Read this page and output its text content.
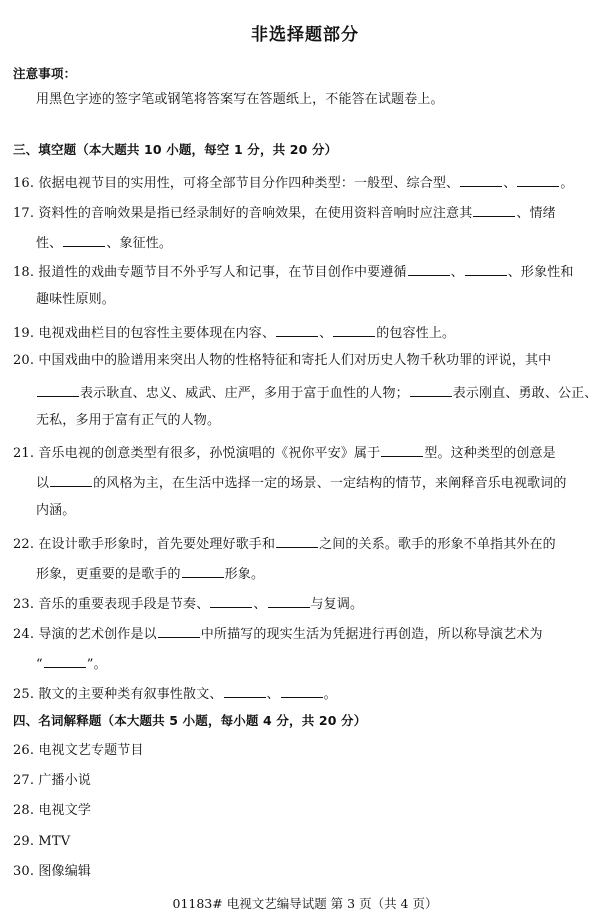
非选择题部分
注意事项：
用黑色字迹的签字笔或钢笔将答案写在答题纸上，不能答在试题卷上。
三、填空题（本大题共 10 小题，每空 1 分，共 20 分）
16. 依据电视节目的实用性，可将全部节目分作四种类型：一般型、综合型、	、	。
17. 资料性的音响效果是指已经录制好的音响效果，在使用资料音响时应注意其	、情绪
性、	、象征性。
18. 报道性的戏曲专题节目不外乎写人和记事，在节目创作中要遵循	、	、形象性和
趣味性原则。
19. 电视戏曲栏目的包容性主要体现在内容、	、	的包容性上。
20. 中国戏曲中的脸谱用来突出人物的性格特征和寄托人们对历史人物千秋功罪的评说，其中
表示耿直、忠义、威武、庄严，多用于富于血性的人物；	表示刚直、勇敢、公正、
无私，多用于富有正气的人物。
21. 音乐电视的创意类型有很多，孙悦演唱的《祝你平安》属于	型。这种类型的创意是
以	的风格为主，在生活中选择一定的场景、一定结构的情节，来阐释音乐电视歌词的
内涵。
22. 在设计歌手形象时，首先要处理好歌手和	之间的关系。歌手的形象不单指其外在的
形象，更重要的是歌手的	形象。
23. 音乐的重要表现手段是节奏、	、	与复调。
24. 导演的艺术创作是以	中所描写的现实生活为凭据进行再创造，所以称导演艺术为
“	”。
25. 散文的主要种类有叙事性散文、	、	。
四、名词解释题（本大题共 5 小题，每小题 4 分，共 20 分）
26. 电视文艺专题节目
27. 广播小说
28. 电视文学
29. MTV
30. 图像编辑
01183# 电视文艺编导试题 第 3 页（共 4 页）
